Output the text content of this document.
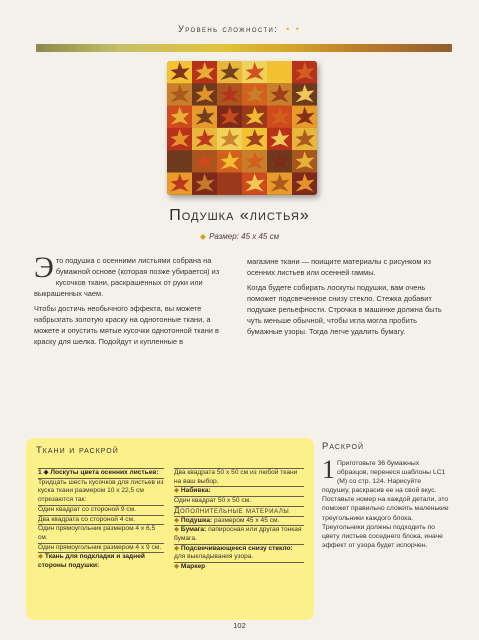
Уровень сложности: • •
Подушка «листья»
◆ Размер: 45 х 45 см

Это подушка с осенними листьями собрана на бумажной основе (которая позже убирается) из кусочков ткани, раскрашенных от руки или выкрашенных чаем.

Чтобы достичь необычного эффекта, вы можете набрызгать золотую краску на однотонные ткани, а можете и опустить мятые кусочки однотонной ткани в краску для шелка. Подойдут и купленные в

магазине ткани — поищите материалы с рисунком из осенних листьев или осенней гаммы.

Когда будете собирать лоскуты подушки, вам очень поможет подсвеченное снизу стекло. Стежка добавит подушке рельефности. Строчка в машинке должна быть чуть меньше обычной, чтобы игла могла пробить бумажные узоры. Тогда легче удалить бумагу.

Ткани и раскрой
1 ◆ Лоскуты цвета осенних листьев:
Тридцать шесть кусочков для листьев из куска ткани размером 10 х 22,5 см отрезаются так:
Один квадрат со стороной 9 см.
Два квадрата со стороной 4 см.
Один прямоугольник размером 4 х 6,5 см.
Один прямоугольник размером 4 х 9 см.
◆ Ткань для подкладки и задней стороны подушки:
Два квадрата 50 х 50 см из любой ткани на ваш выбор.
◆ Набивка:
Один квадрат 50 х 50 см.
Дополнительные материалы
◆ Подушка: размером 45 х 45 см.
◆ Бумага: папиросная или другая тонкая бумага.
◆ Подсвечивающееся снизу стекло: для выкладывания узора.
◆ Маркер
Раскрой
1 Приготовьте 36 бумажных образцов, перенеся шаблоны LC1 (М) со стр. 124. Нарисуйте подушку, раскрасив ее на свой вкус. Поставьте номер на каждой детали, это поможет правильно сложить маленькие треугольники каждого блока. Треугольники должны подходить по цвету листьев соседнего блока, иначе эффект от узора будет испорчен.
102
